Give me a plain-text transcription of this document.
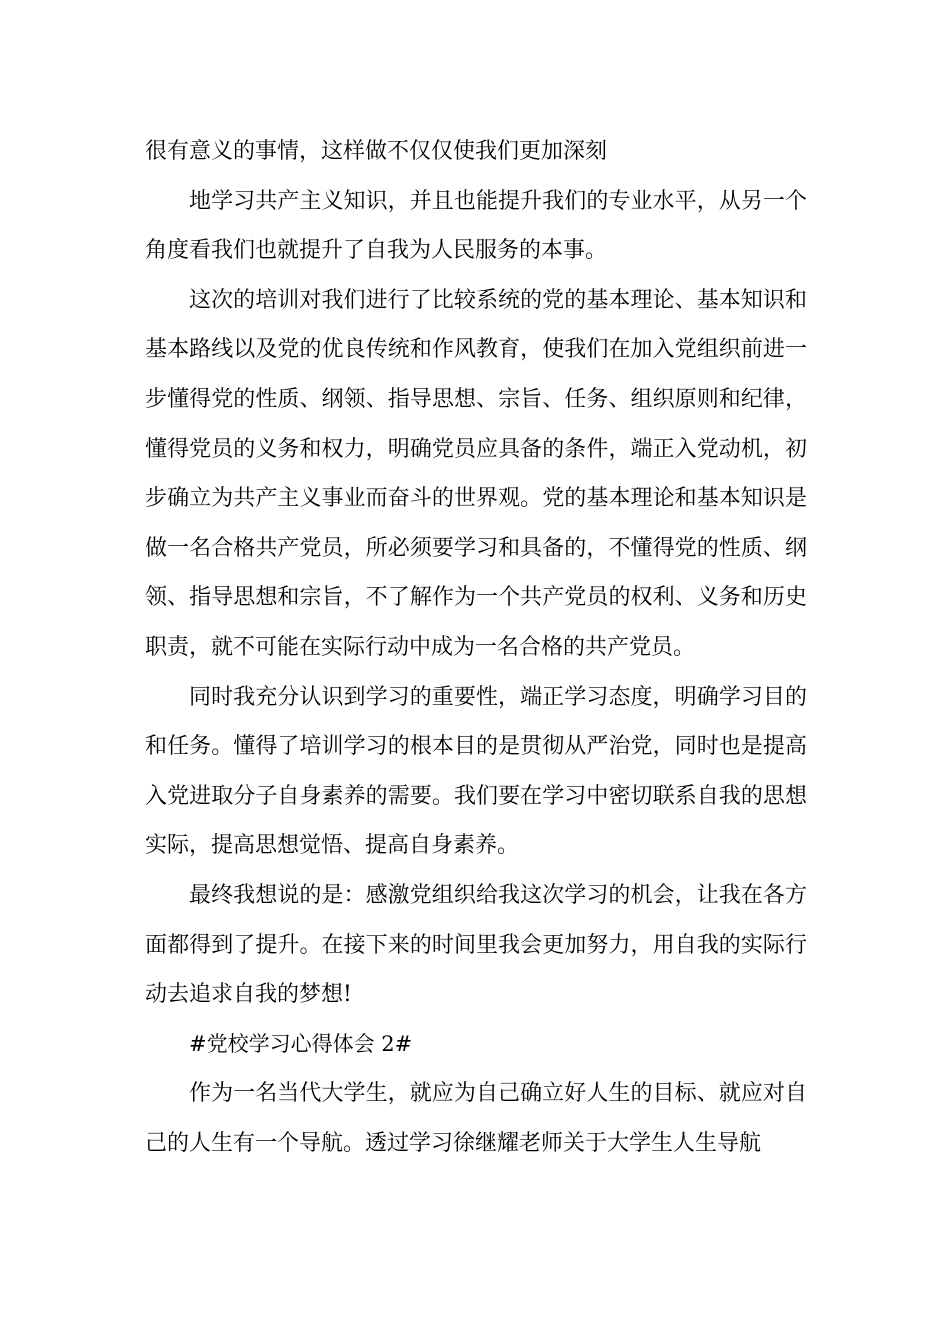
很有意义的事情，这样做不仅仅使我们更加深刻

地学习共产主义知识，并且也能提升我们的专业水平，从另一个角度看我们也就提升了自我为人民服务的本事。

这次的培训对我们进行了比较系统的党的基本理论、基本知识和基本路线以及党的优良传统和作风教育，使我们在加入党组织前进一步懂得党的性质、纲领、指导思想、宗旨、任务、组织原则和纪律，懂得党员的义务和权力，明确党员应具备的条件，端正入党动机，初步确立为共产主义事业而奋斗的世界观。党的基本理论和基本知识是做一名合格共产党员，所必须要学习和具备的，不懂得党的性质、纲领、指导思想和宗旨，不了解作为一个共产党员的权利、义务和历史职责，就不可能在实际行动中成为一名合格的共产党员。

同时我充分认识到学习的重要性，端正学习态度，明确学习目的和任务。懂得了培训学习的根本目的是贯彻从严治党，同时也是提高入党进取分子自身素养的需要。我们要在学习中密切联系自我的思想实际，提高思想觉悟、提高自身素养。

最终我想说的是：感激党组织给我这次学习的机会，让我在各方面都得到了提升。在接下来的时间里我会更加努力，用自我的实际行动去追求自我的梦想!

#党校学习心得体会 2#

作为一名当代大学生，就应为自己确立好人生的目标、就应对自己的人生有一个导航。透过学习徐继耀老师关于大学生人生导航
